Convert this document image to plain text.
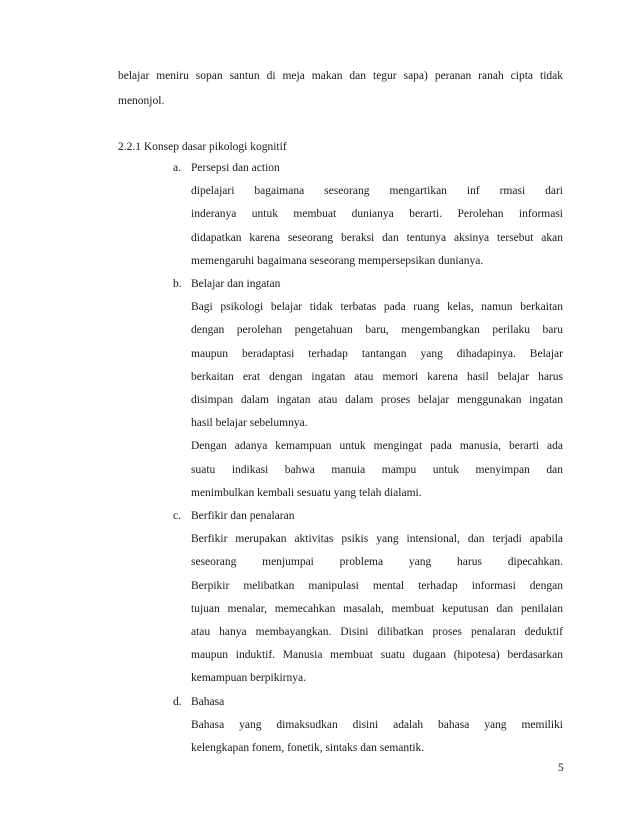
belajar meniru sopan santun di meja makan dan tegur sapa) peranan ranah cipta tidak
menonjol.
2.2.1 Konsep dasar pikologi kognitif
a. Persepsi dan action
dipelajari bagaimana seseorang mengartikan inf rmasi dari
inderanya untuk membuat dunianya berarti. Perolehan informasi
didapatkan karena seseorang beraksi dan tentunya aksinya tersebut akan
memengaruhi bagaimana seseorang mempersepsikan dunianya.
b. Belajar dan ingatan
Bagi psikologi belajar tidak terbatas pada ruang kelas, namun berkaitan
dengan perolehan pengetahuan baru, mengembangkan perilaku baru
maupun beradaptasi terhadap tantangan yang dihadapinya. Belajar
berkaitan erat dengan ingatan atau memori karena hasil belajar harus
disimpan dalam ingatan atau dalam proses belajar menggunakan ingatan
hasil belajar sebelumnya.
Dengan adanya kemampuan untuk mengingat pada manusia, berarti ada
suatu indikasi bahwa manuia mampu untuk menyimpan dan
menimbulkan kembali sesuatu yang telah dialami.
c. Berfikir dan penalaran
Berfikir merupakan aktivitas psikis yang intensional, dan terjadi apabila
seseorang menjumpai problema yang harus dipecahkan.
Berpikir melibatkan manipulasi mental terhadap informasi dengan
tujuan menalar, memecahkan masalah, membuat keputusan dan penilaian
atau hanya membayangkan. Disini dilibatkan proses penalaran deduktif
maupun induktif. Manusia membuat suatu dugaan (hipotesa) berdasarkan
kemampuan berpikirnya.
d. Bahasa
Bahasa yang dimaksudkan disini adalah bahasa yang memiliki
kelengkapan fonem, fonetik, sintaks dan semantik.
5
